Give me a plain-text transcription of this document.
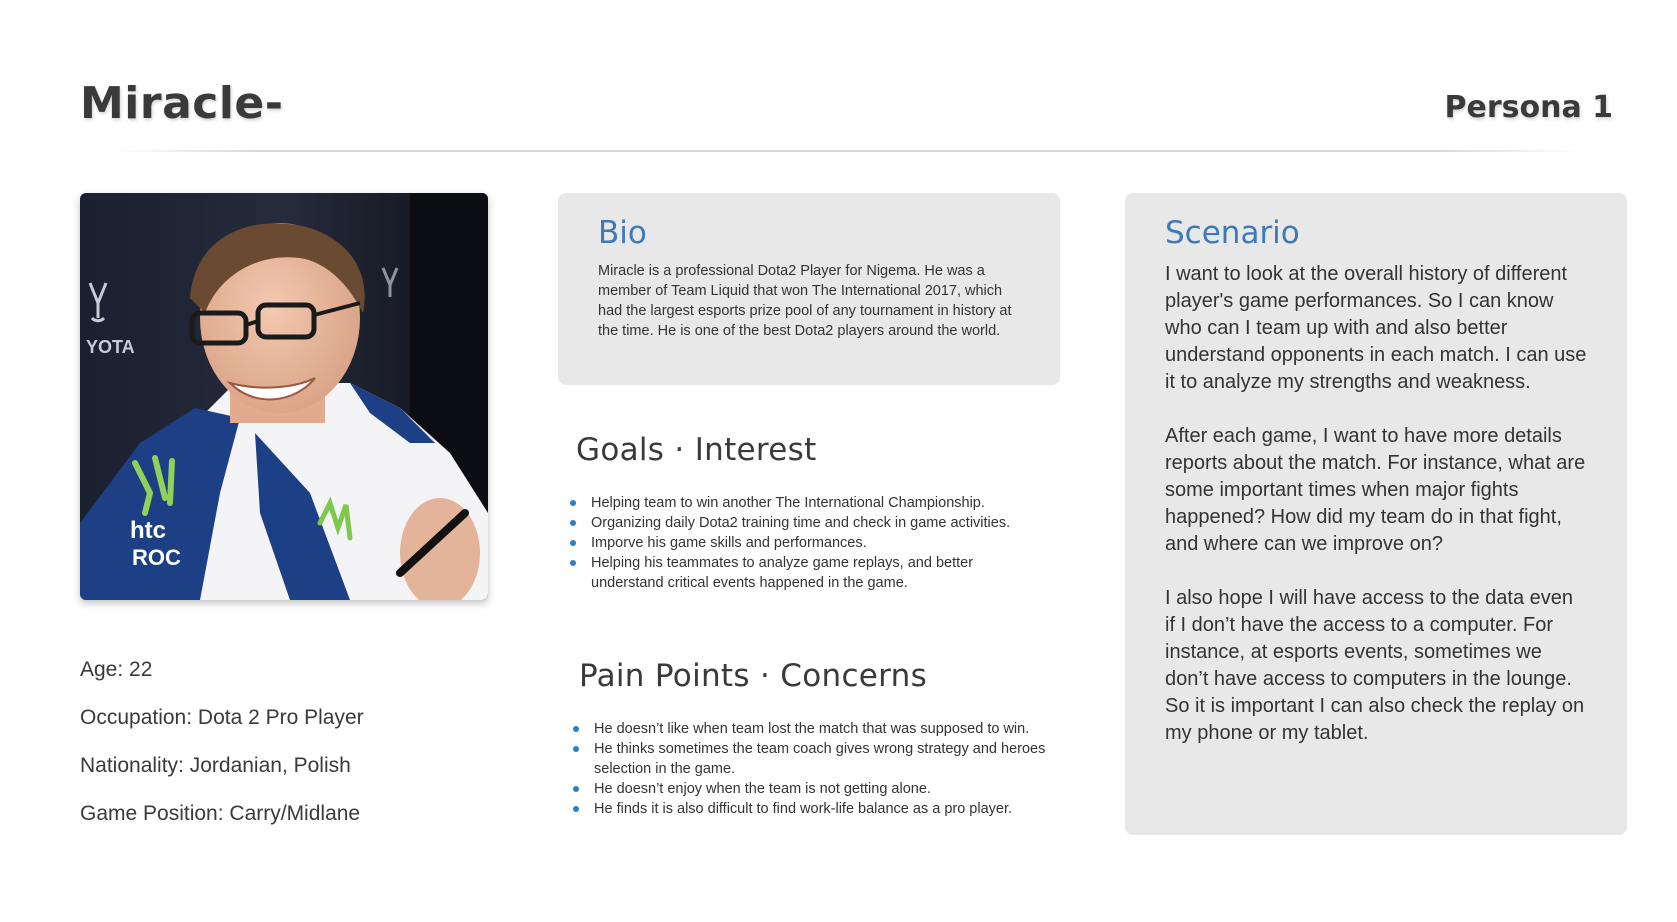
Miracle-	Persona 1
YOTA
htc
ROC
Age: 22
Occupation: Dota 2 Pro Player
Nationality: Jordanian, Polish
Game Position: Carry/Midlane
Bio

Miracle is a professional Dota2 Player for Nigema. He was a member of Team Liquid that won The International 2017, which had the largest esports prize pool of any tournament in history at the time. He is one of the best Dota2 players around the world.

Goals · Interest
Helping team to win another The International Championship.
Organizing daily Dota2 training time and check in game activities.
Imporve his game skills and performances.
Helping his teammates to analyze game replays, and better understand critical events happened in the game.
Pain Points · Concerns
He doesn’t like when team lost the match that was supposed to win.
He thinks sometimes the team coach gives wrong strategy and heroes selection in the game.
He doesn’t enjoy when the team is not getting alone.
He finds it is also difficult to find work-life balance as a pro player.
Scenario

I want to look at the overall history of different player's game performances. So I can know who can I team up with and also better understand opponents in each match. I can use it to analyze my strengths and weakness.

After each game, I want to have more details reports about the match. For instance, what are some important times when major fights happened? How did my team do in that fight, and where can we improve on?

I also hope I will have access to the data even if I don’t have the access to a computer. For instance, at esports events, sometimes we don’t have access to computers in the lounge. So it is important I can also check the replay on my phone or my tablet.
